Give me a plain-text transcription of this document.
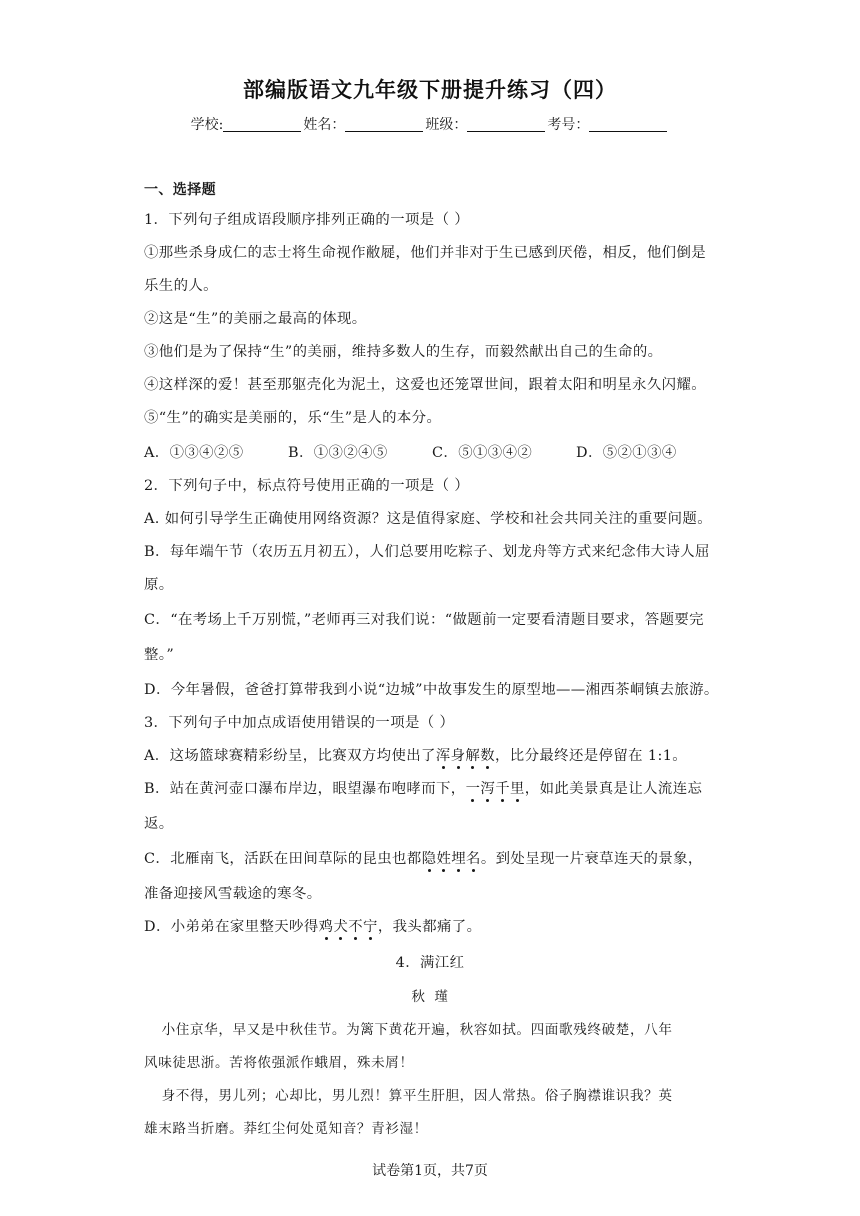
部编版语文九年级下册提升练习（四）
学校:	姓名：	班级：	考号：
一、选择题
1．下列句子组成语段顺序排列正确的一项是（ ）
①那些杀身成仁的志士将生命视作敝屣，他们并非对于生已感到厌倦，相反，他们倒是
乐生的人。
②这是“生”的美丽之最高的体现。
③他们是为了保持“生”的美丽，维持多数人的生存，而毅然献出自己的生命的。
④这样深的爱！甚至那躯壳化为泥土，这爱也还笼罩世间，跟着太阳和明星永久闪耀。
⑤“生”的确实是美丽的，乐“生”是人的本分。
A．①③④②⑤	B．①③②④⑤	C．⑤①③④②	D．⑤②①③④
2．下列句子中，标点符号使用正确的一项是（ ）
A. 如何引导学生正确使用网络资源？这是值得家庭、学校和社会共同关注的重要问题。
B．每年端午节（农历五月初五），人们总要用吃粽子、划龙舟等方式来纪念伟大诗人屈
原。
C．“在考场上千万别慌，”老师再三对我们说：“做题前一定要看清题目要求，答题要完
整。”
D．今年暑假，爸爸打算带我到小说“边城”中故事发生的原型地——湘西茶峒镇去旅游。
3．下列句子中加点成语使用错误的一项是（ ）
A．这场篮球赛精彩纷呈，比赛双方均使出了浑身解数，比分最终还是停留在 1:1。
B．站在黄河壶口瀑布岸边，眼望瀑布咆哮而下，一泻千里，如此美景真是让人流连忘
返。
C．北雁南飞，活跃在田间草际的昆虫也都隐姓埋名。到处呈现一片衰草连天的景象，
准备迎接风雪载途的寒冬。
D．小弟弟在家里整天吵得鸡犬不宁，我头都痛了。
4．满江红
秋 瑾
  小住京华，早又是中秋佳节。为篱下黄花开遍，秋容如拭。四面歌残终破楚，八年
风味徒思浙。苦将侬强派作蛾眉，殊未屑！
  身不得，男儿列；心却比，男儿烈！算平生肝胆，因人常热。俗子胸襟谁识我？英
雄末路当折磨。莽红尘何处觅知音？青衫湿！
试卷第1页，共7页
